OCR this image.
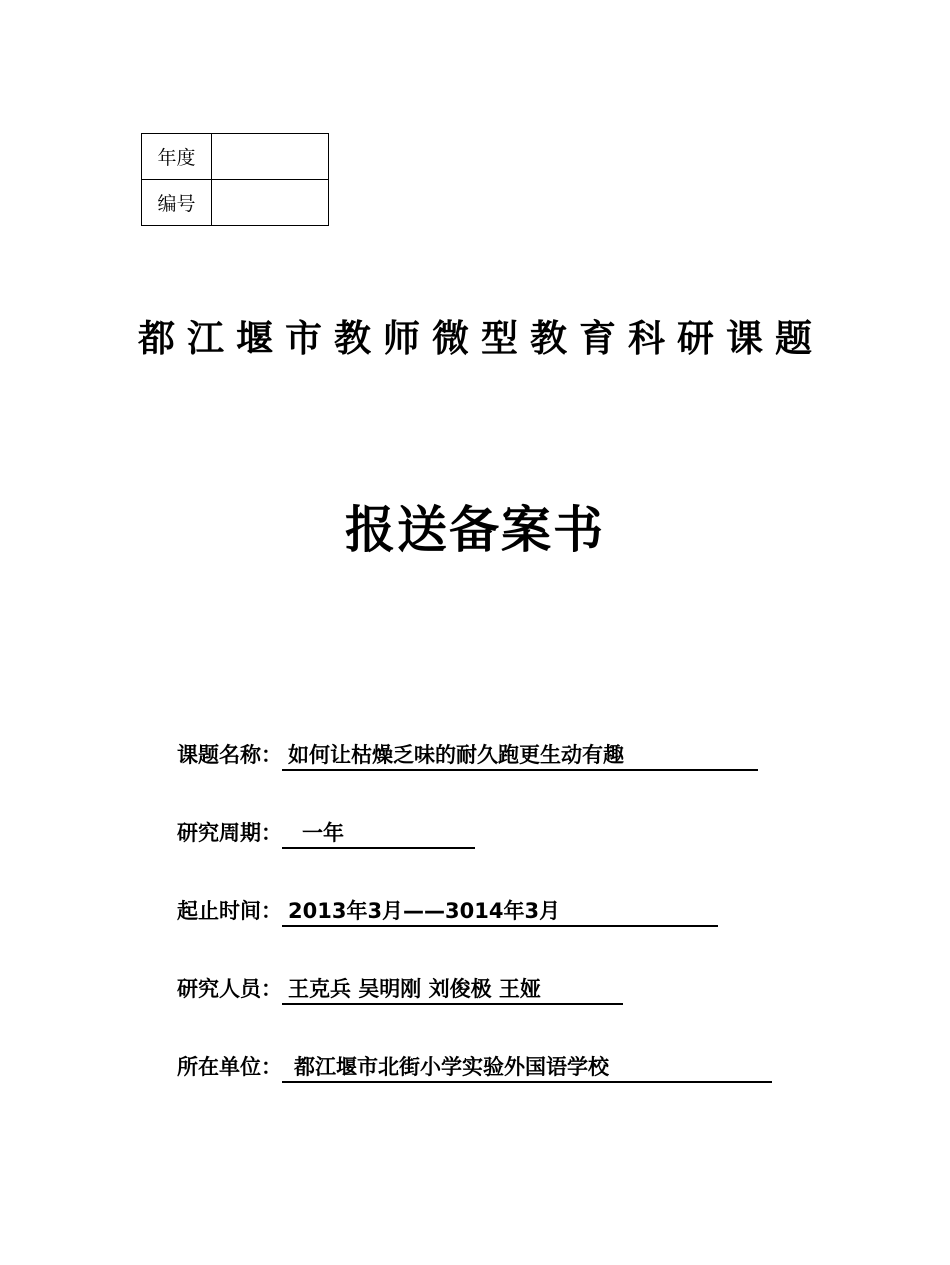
年度	
编号	
都江堰市教师微型教育科研课题
报送备案书
课题名称： 如何让枯燥乏味的耐久跑更生动有趣
研究周期： 一年
起止时间： 2013年3月——3014年3月
研究人员： 王克兵 吴明刚 刘俊极 王娅
所在单位： 都江堰市北街小学实验外国语学校
